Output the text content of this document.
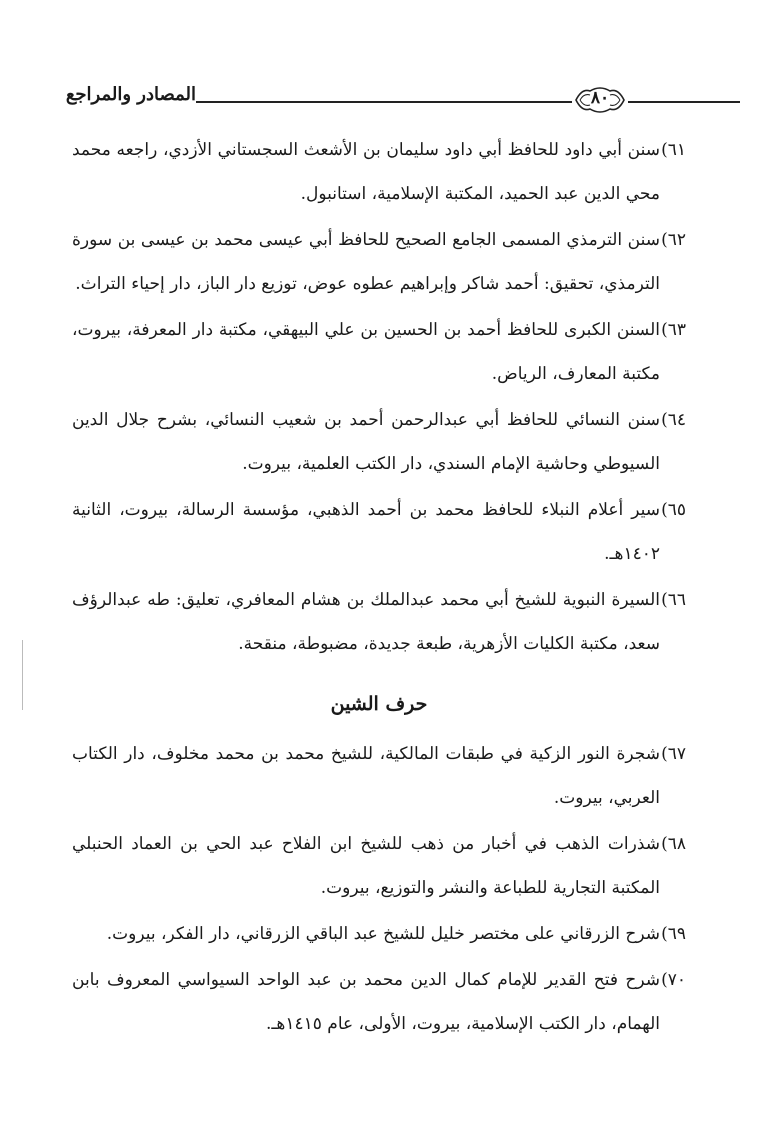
المصادر والمراجع	٨٠
٦١)سنن أبي داود للحافظ أبي داود سليمان بن الأشعث السجستاني الأزدي، راجعه محمد محي الدين عبد الحميد، المكتبة الإسلامية، استانبول.
٦٢)سنن الترمذي المسمى الجامع الصحيح للحافظ أبي عيسى محمد بن عيسى بن سورة الترمذي، تحقيق: أحمد شاكر وإبراهيم عطوه عوض، توزيع دار الباز، دار إحياء التراث.
٦٣)السنن الكبرى للحافظ أحمد بن الحسين بن علي البيهقي، مكتبة دار المعرفة، بيروت، مكتبة المعارف، الرياض.
٦٤)سنن النسائي للحافظ أبي عبدالرحمن أحمد بن شعيب النسائي، بشرح جلال الدين السيوطي وحاشية الإمام السندي، دار الكتب العلمية، بيروت.
٦٥)سير أعلام النبلاء للحافظ محمد بن أحمد الذهبي، مؤسسة الرسالة، بيروت، الثانية ١٤٠٢هـ.
٦٦)السيرة النبوية للشيخ أبي محمد عبدالملك بن هشام المعافري، تعليق: طه عبدالرؤف سعد، مكتبة الكليات الأزهرية، طبعة جديدة، مضبوطة، منقحة.
حرف الشين
٦٧)شجرة النور الزكية في طبقات المالكية، للشيخ محمد بن محمد مخلوف، دار الكتاب العربي، بيروت.
٦٨)شذرات الذهب في أخبار من ذهب للشيخ ابن الفلاح عبد الحي بن العماد الحنبلي المكتبة التجارية للطباعة والنشر والتوزيع، بيروت.
٦٩)شرح الزرقاني على مختصر خليل للشيخ عبد الباقي الزرقاني، دار الفكر، بيروت.
٧٠)شرح فتح القدير للإمام كمال الدين محمد بن عبد الواحد السيواسي المعروف بابن الهمام، دار الكتب الإسلامية، بيروت، الأولى، عام ١٤١٥هـ.
